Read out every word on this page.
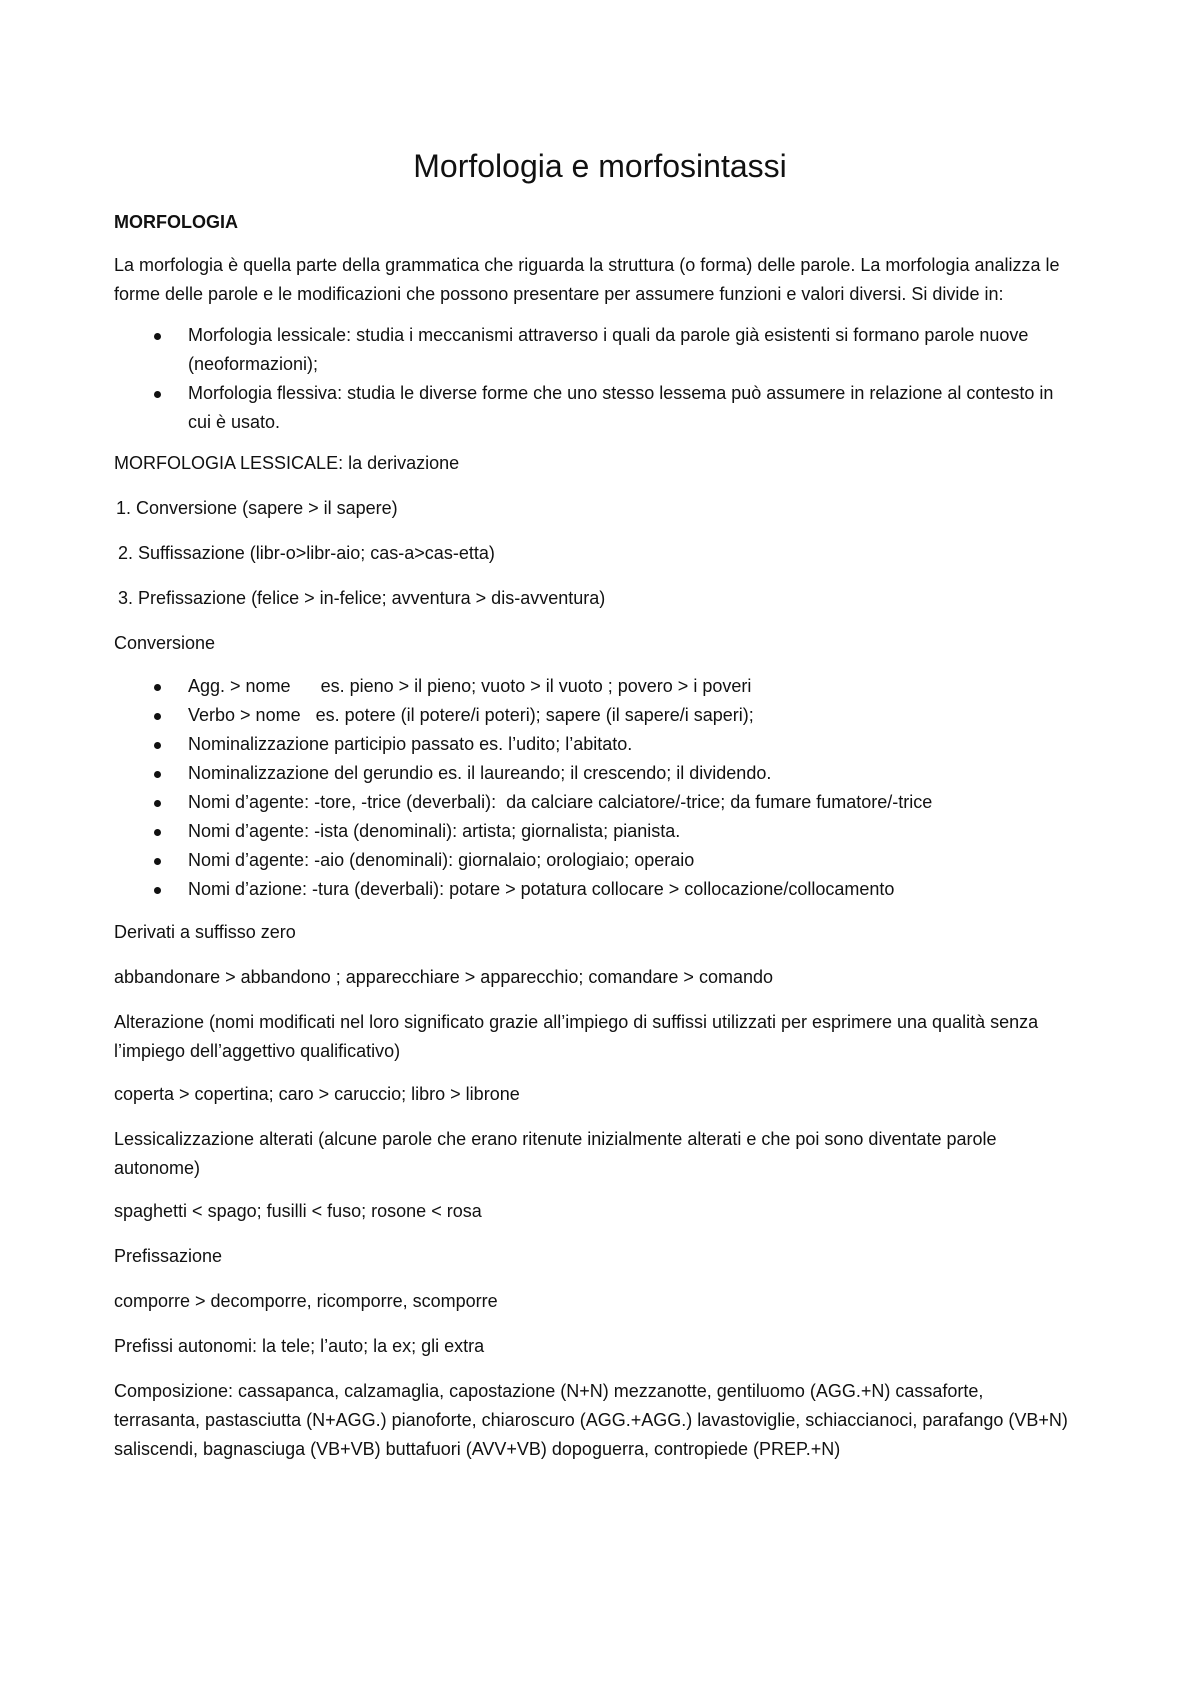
Morfologia e morfosintassi

MORFOLOGIA

La morfologia è quella parte della grammatica che riguarda la struttura (o forma) delle parole. La morfologia analizza le forme delle parole e le modificazioni che possono presentare per assumere funzioni e valori diversi. Si divide in:

Morfologia lessicale: studia i meccanismi attraverso i quali da parole già esistenti si formano parole nuove (neoformazioni);
Morfologia flessiva: studia le diverse forme che uno stesso lessema può assumere in relazione al contesto in cui è usato.

MORFOLOGIA LESSICALE: la derivazione

1. Conversione (sapere > il sapere)

2. Suffissazione (libr-o>libr-aio; cas-a>cas-etta)

3. Prefissazione (felice > in-felice; avventura > dis-avventura)

Conversione

Agg. > nome      es. pieno > il pieno; vuoto > il vuoto ; povero > i poveri
Verbo > nome   es. potere (il potere/i poteri); sapere (il sapere/i saperi);
Nominalizzazione participio passato es. l’udito; l’abitato.
Nominalizzazione del gerundio es. il laureando; il crescendo; il dividendo.
Nomi d’agente: -tore, -trice (deverbali):  da calciare calciatore/-trice; da fumare fumatore/-trice
Nomi d’agente: -ista (denominali): artista; giornalista; pianista.
Nomi d’agente: -aio (denominali): giornalaio; orologiaio; operaio
Nomi d’azione: -tura (deverbali): potare > potatura collocare > collocazione/collocamento

Derivati a suffisso zero

abbandonare > abbandono ; apparecchiare > apparecchio; comandare > comando

Alterazione (nomi modificati nel loro significato grazie all’impiego di suffissi utilizzati per esprimere una qualità senza l’impiego dell’aggettivo qualificativo)

coperta > copertina; caro > caruccio; libro > librone

Lessicalizzazione alterati (alcune parole che erano ritenute inizialmente alterati e che poi sono diventate parole autonome)

spaghetti < spago; fusilli < fuso; rosone < rosa

Prefissazione

comporre > decomporre, ricomporre, scomporre

Prefissi autonomi: la tele; l’auto; la ex; gli extra

Composizione: cassapanca, calzamaglia, capostazione (N+N) mezzanotte, gentiluomo (AGG.+N) cassaforte, terrasanta, pastasciutta (N+AGG.) pianoforte, chiaroscuro (AGG.+AGG.) lavastoviglie, schiaccianoci, parafango (VB+N) saliscendi, bagnasciuga (VB+VB) buttafuori (AVV+VB) dopoguerra, contropiede (PREP.+N)
